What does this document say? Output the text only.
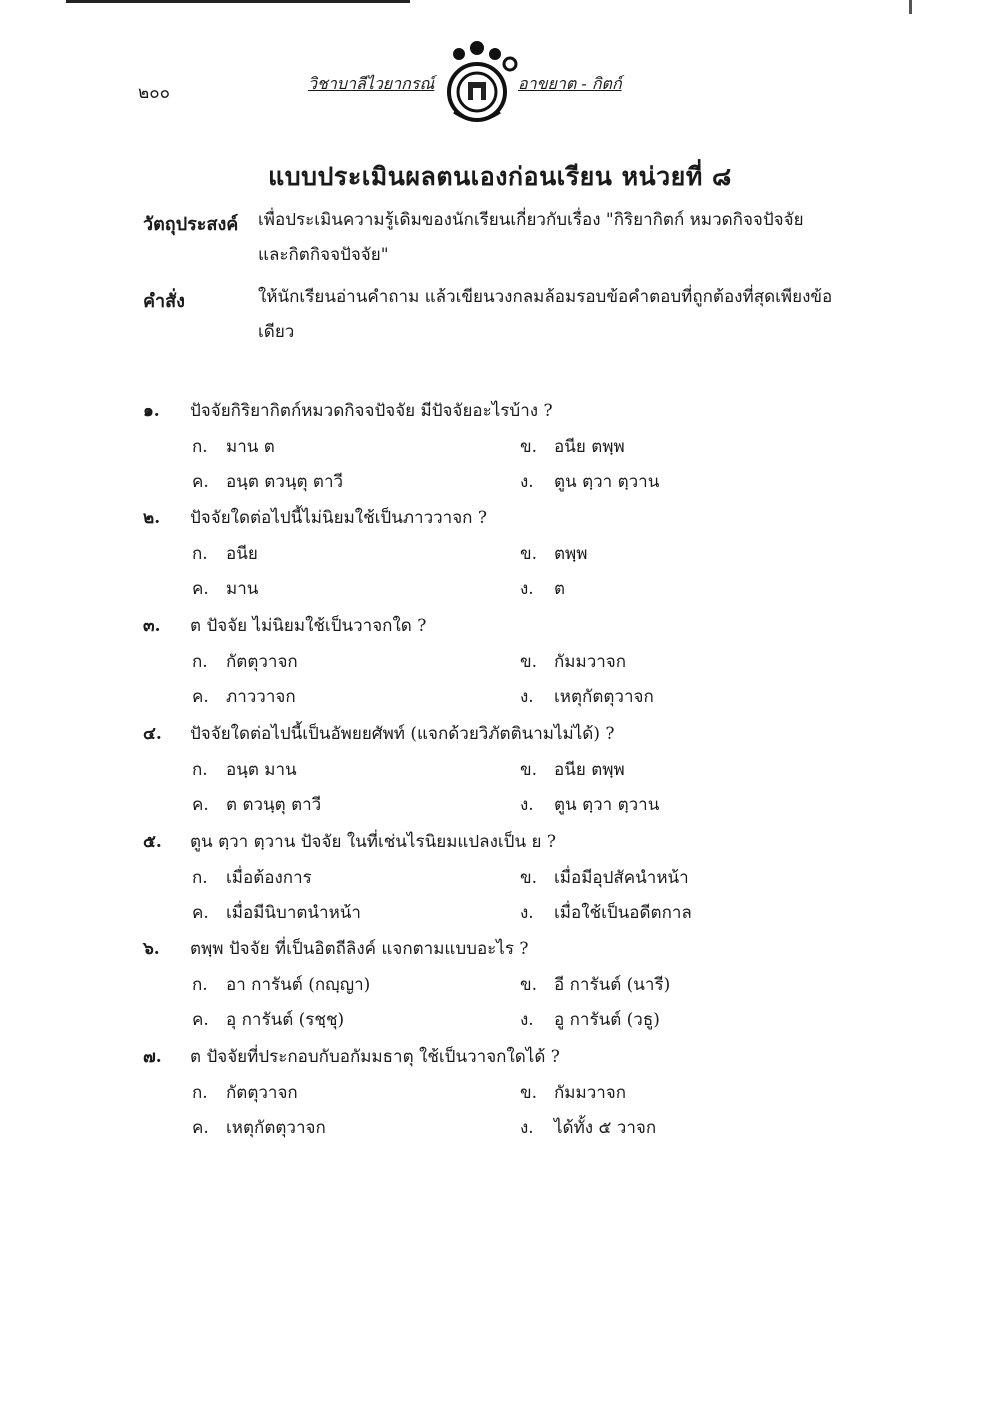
๒๐๐	วิชาบาลีไวยากรณ์	อาขยาต - กิตก์
แบบประเมินผลตนเองก่อนเรียน หน่วยที่ ๘
วัตถุประสงค์ เพื่อประเมินความรู้เดิมของนักเรียนเกี่ยวกับเรื่อง "กิริยากิตก์ หมวดกิจจปัจจัย และกิตกิจจปัจจัย"
คำสั่ง	ให้นักเรียนอ่านคำถาม แล้วเขียนวงกลมล้อมรอบข้อคำตอบที่ถูกต้องที่สุดเพียงข้อเดียว
๑. ปัจจัยกิริยากิตก์หมวดกิจจปัจจัย มีปัจจัยอะไรบ้าง ?
ก. มาน ต	ข. อนีย ตพฺพ
ค. อนฺต ตวนฺตุ ตาวี	ง. ตูน ตฺวา ตฺวาน
๒. ปัจจัยใดต่อไปนี้ไม่นิยมใช้เป็นภาววาจก ?
ก. อนีย	ข. ตพฺพ
ค. มาน	ง. ต
๓. ต ปัจจัย ไม่นิยมใช้เป็นวาจกใด ?
ก. กัตตุวาจก	ข. กัมมวาจก
ค. ภาววาจก	ง. เหตุกัตตุวาจก
๔. ปัจจัยใดต่อไปนี้เป็นอัพยยศัพท์ (แจกด้วยวิภัตตินามไม่ได้) ?
ก. อนฺต มาน	ข. อนีย ตพฺพ
ค. ต ตวนฺตุ ตาวี	ง. ตูน ตฺวา ตฺวาน
๕. ตูน ตฺวา ตฺวาน ปัจจัย ในที่เช่นไรนิยมแปลงเป็น ย ?
ก. เมื่อต้องการ	ข. เมื่อมีอุปสัคนำหน้า
ค. เมื่อมีนิบาตนำหน้า	ง. เมื่อใช้เป็นอดีตกาล
๖. ตพฺพ ปัจจัย ที่เป็นอิตถีลิงค์ แจกตามแบบอะไร ?
ก. อา การันต์ (กญฺญา)	ข. อี การันต์ (นารี)
ค. อุ การันต์ (รชฺชุ)	ง. อู การันต์ (วธู)
๗. ต ปัจจัยที่ประกอบกับอกัมมธาตุ ใช้เป็นวาจกใดได้ ?
ก. กัตตุวาจก	ข. กัมมวาจก
ค. เหตุกัตตุวาจก	ง. ได้ทั้ง ๕ วาจก
